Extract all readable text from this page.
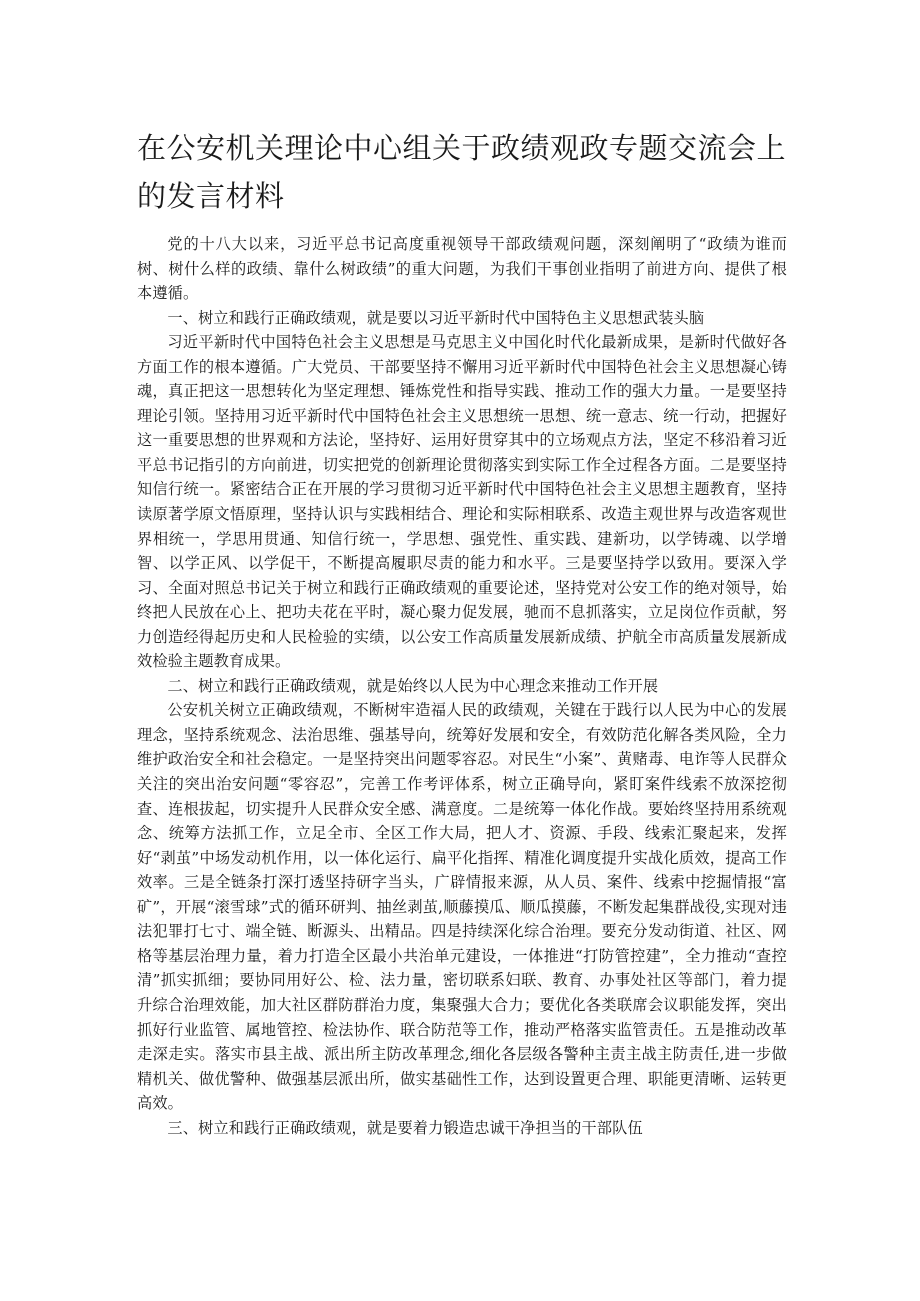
在公安机关理论中心组关于政绩观政专题交流会上的发言材料

党的十八大以来，习近平总书记高度重视领导干部政绩观问题，深刻阐明了“政绩为谁而树、树什么样的政绩、靠什么树政绩”的重大问题，为我们干事创业指明了前进方向、提供了根本遵循。

一、树立和践行正确政绩观，就是要以习近平新时代中国特色主义思想武装头脑

习近平新时代中国特色社会主义思想是马克思主义中国化时代化最新成果，是新时代做好各方面工作的根本遵循。广大党员、干部要坚持不懈用习近平新时代中国特色社会主义思想凝心铸魂，真正把这一思想转化为坚定理想、锤炼党性和指导实践、推动工作的强大力量。一是要坚持理论引领。坚持用习近平新时代中国特色社会主义思想统一思想、统一意志、统一行动，把握好这一重要思想的世界观和方法论，坚持好、运用好贯穿其中的立场观点方法，坚定不移沿着习近平总书记指引的方向前进，切实把党的创新理论贯彻落实到实际工作全过程各方面。二是要坚持知信行统一。紧密结合正在开展的学习贯彻习近平新时代中国特色社会主义思想主题教育，坚持读原著学原文悟原理，坚持认识与实践相结合、理论和实际相联系、改造主观世界与改造客观世界相统一，学思用贯通、知信行统一，学思想、强党性、重实践、建新功，以学铸魂、以学增智、以学正风、以学促干，不断提高履职尽责的能力和水平。三是要坚持学以致用。要深入学习、全面对照总书记关于树立和践行正确政绩观的重要论述，坚持党对公安工作的绝对领导，始终把人民放在心上、把功夫花在平时，凝心聚力促发展，驰而不息抓落实，立足岗位作贡献，努力创造经得起历史和人民检验的实绩，以公安工作高质量发展新成绩、护航全市高质量发展新成效检验主题教育成果。

二、树立和践行正确政绩观，就是始终以人民为中心理念来推动工作开展

公安机关树立正确政绩观，不断树牢造福人民的政绩观，关键在于践行以人民为中心的发展理念，坚持系统观念、法治思维、强基导向，统筹好发展和安全，有效防范化解各类风险，全力维护政治安全和社会稳定。一是坚持突出问题零容忍。对民生“小案”、黄赌毒、电诈等人民群众关注的突出治安问题“零容忍”，完善工作考评体系，树立正确导向，紧盯案件线索不放深挖彻查、连根拔起，切实提升人民群众安全感、满意度。二是统筹一体化作战。要始终坚持用系统观念、统筹方法抓工作，立足全市、全区工作大局，把人才、资源、手段、线索汇聚起来，发挥好“剥茧”中场发动机作用，以一体化运行、扁平化指挥、精准化调度提升实战化质效，提高工作效率。三是全链条打深打透坚持研字当头，广辟情报来源，从人员、案件、线索中挖掘情报“富矿”，开展“滚雪球”式的循环研判、抽丝剥茧,顺藤摸瓜、顺瓜摸藤，不断发起集群战役,实现对违法犯罪打七寸、端全链、断源头、出精品。四是持续深化综合治理。要充分发动街道、社区、网格等基层治理力量，着力打造全区最小共治单元建设，一体推进“打防管控建”，全力推动“查控清”抓实抓细；要协同用好公、检、法力量，密切联系妇联、教育、办事处社区等部门，着力提升综合治理效能，加大社区群防群治力度，集聚强大合力；要优化各类联席会议职能发挥，突出抓好行业监管、属地管控、检法协作、联合防范等工作，推动严格落实监管责任。五是推动改革走深走实。落实市县主战、派出所主防改革理念,细化各层级各警种主责主战主防责任,进一步做精机关、做优警种、做强基层派出所，做实基础性工作，达到设置更合理、职能更清晰、运转更高效。

三、树立和践行正确政绩观，就是要着力锻造忠诚干净担当的干部队伍
